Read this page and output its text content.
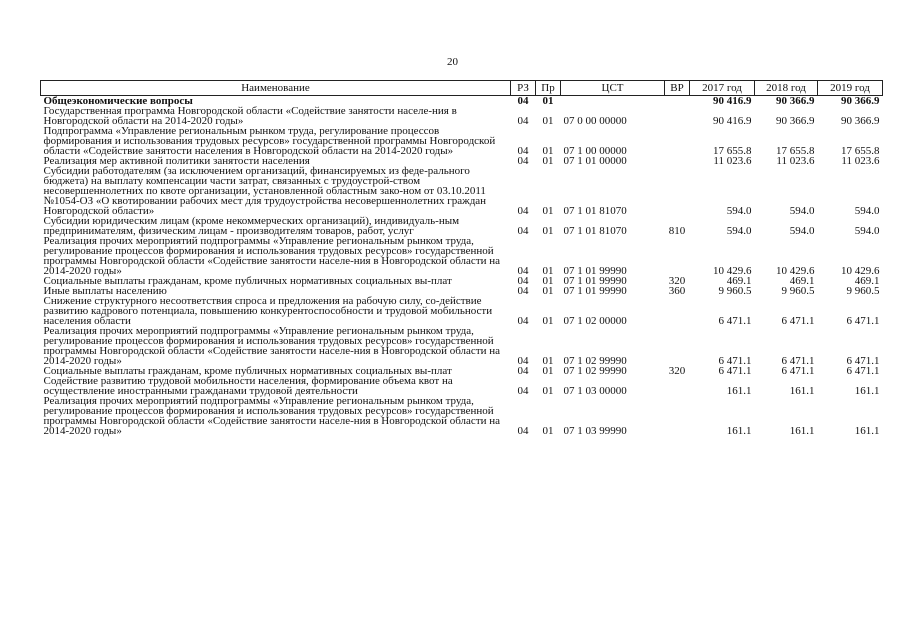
20
Наименование	РЗ	Пр	ЦСТ	ВР	2017 год	2018 год	2019 год
Общеэкономические вопросы	04	01			90 416.9	90 366.9	90 366.9
Государственная программа Новгородской области «Содействие занятости населе-ния в Новгородской области на 2014-2020 годы»	04	01	07 0 00 00000		90 416.9	90 366.9	90 366.9
Подпрограмма «Управление региональным рынком труда, регулирование процессов формирования и использования трудовых ресурсов» государственной программы Новгородской области «Содействие занятости населения в Новгородской области на 2014-2020 годы»	04	01	07 1 00 00000		17 655.8	17 655.8	17 655.8
Реализация мер активной политики занятости населения	04	01	07 1 01 00000		11 023.6	11 023.6	11 023.6
Субсидии работодателям (за исключением организаций, финансируемых из феде-рального бюджета) на выплату компенсации части затрат, связанных с трудоустрой-ством несовершеннолетних по квоте организации, установленной областным зако-ном от 03.10.2011 №1054-ОЗ «О квотировании рабочих мест для трудоустройства несовершеннолетних граждан Новгородской области»	04	01	07 1 01 81070		594.0	594.0	594.0
Субсидии юридическим лицам (кроме некоммерческих организаций), индивидуаль-ным предпринимателям, физическим лицам - производителям товаров, работ, услуг	04	01	07 1 01 81070	810	594.0	594.0	594.0
Реализация прочих мероприятий подпрограммы «Управление региональным рынком труда, регулирование процессов формирования и использования трудовых ресурсов» государственной программы Новгородской области «Содействие занятости населе-ния в Новгородской области на 2014-2020 годы»	04	01	07 1 01 99990		10 429.6	10 429.6	10 429.6
Социальные выплаты гражданам, кроме публичных нормативных социальных вы-плат	04	01	07 1 01 99990	320	469.1	469.1	469.1
Иные выплаты населению	04	01	07 1 01 99990	360	9 960.5	9 960.5	9 960.5
Снижение структурного несоответствия спроса и предложения на рабочую силу, со-действие развитию кадрового потенциала, повышению конкурентоспособности и трудовой мобильности населения области	04	01	07 1 02 00000		6 471.1	6 471.1	6 471.1
Реализация прочих мероприятий подпрограммы «Управление региональным рынком труда, регулирование процессов формирования и использования трудовых ресурсов» государственной программы Новгородской области «Содействие занятости населе-ния в Новгородской области на 2014-2020 годы»	04	01	07 1 02 99990		6 471.1	6 471.1	6 471.1
Социальные выплаты гражданам, кроме публичных нормативных социальных вы-плат	04	01	07 1 02 99990	320	6 471.1	6 471.1	6 471.1
Содействие развитию трудовой мобильности населения, формирование объема квот на осуществление иностранными гражданами трудовой деятельности	04	01	07 1 03 00000		161.1	161.1	161.1
Реализация прочих мероприятий подпрограммы «Управление региональным рынком труда, регулирование процессов формирования и использования трудовых ресурсов» государственной программы Новгородской области «Содействие занятости населе-ния в Новгородской области на 2014-2020 годы»	04	01	07 1 03 99990		161.1	161.1	161.1
